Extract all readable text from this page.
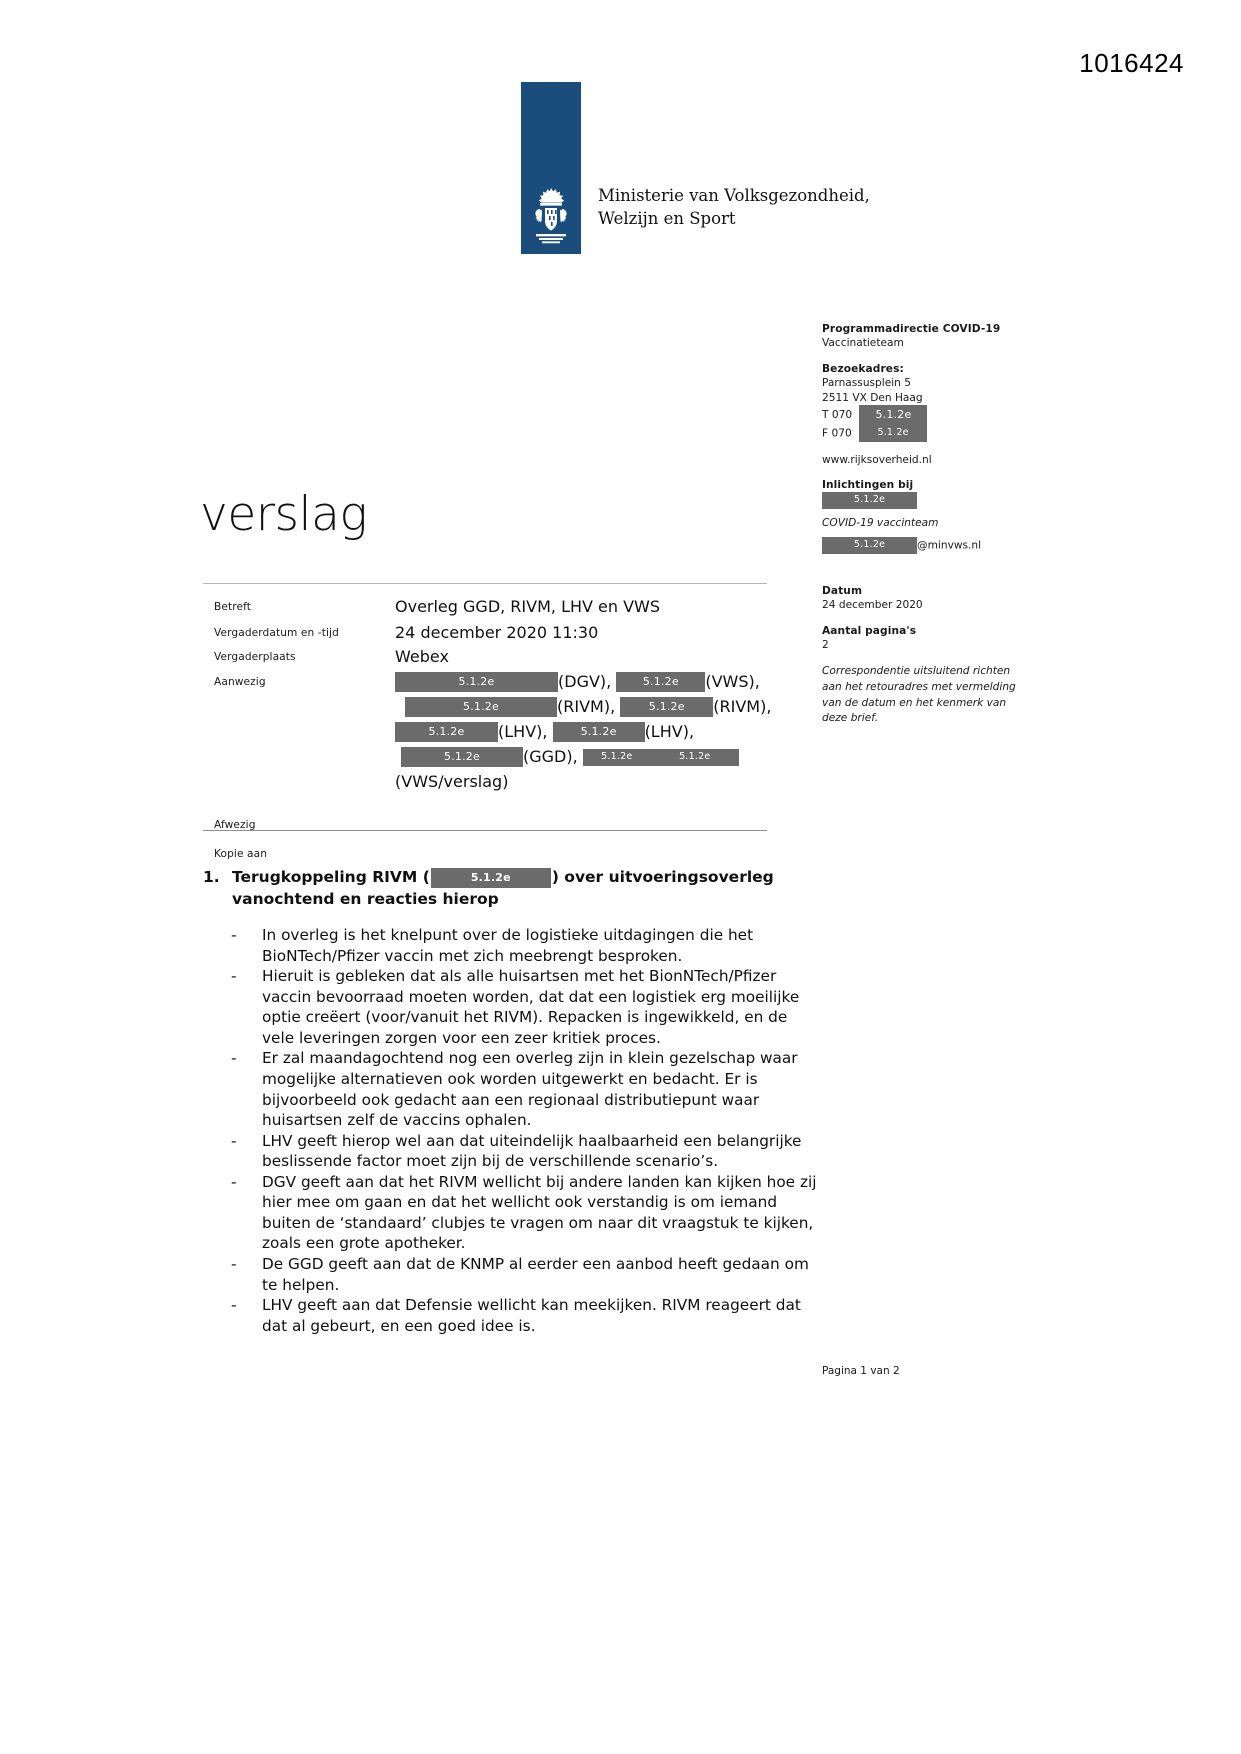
1016424
Ministerie van Volksgezondheid,
Welzijn en Sport
Programmadirectie COVID-19
Vaccinatieteam
Bezoekadres:
Parnassusplein 5
2511 VX Den Haag
T 070 5.1.2e
F 070	5.1.2e
www.rijksoverheid.nl
Inlichtingen bij
5.1.2e
COVID-19 vaccinteam
5.1.2e	@minvws.nl
Datum
24 december 2020
Aantal pagina's
2
Correspondentie uitsluitend richten aan het retouradres met vermelding van de datum en het kenmerk van deze brief.
verslag
Betreft	Overleg GGD, RIVM, LHV en VWS
Vergaderdatum en -tijd	24 december 2020 11:30
Vergaderplaats	Webex
Aanwezig	5.1.2e	(DGV),	5.1.2e (VWS),
5.1.2e	(RIVM),	5.1.2e (RIVM),
5.1.2e (LHV),	5.1.2e (LHV),
5.1.2e	(GGD), 5.1.2e	5.1.2e
(VWS/verslag)
Afwezig
Kopie aan
1. Terugkoppeling RIVM (	5.1.2e	) over uitvoeringsoverleg
vanochtend en reacties hierop
-	In overleg is het knelpunt over de logistieke uitdagingen die het BioNTech/Pfizer vaccin met zich meebrengt besproken.
-	Hieruit is gebleken dat als alle huisartsen met het BionNTech/Pfizer vaccin bevoorraad moeten worden, dat dat een logistiek erg moeilijke optie creëert (voor/vanuit het RIVM). Repacken is ingewikkeld, en de vele leveringen zorgen voor een zeer kritiek proces.
-	Er zal maandagochtend nog een overleg zijn in klein gezelschap waar mogelijke alternatieven ook worden uitgewerkt en bedacht. Er is bijvoorbeeld ook gedacht aan een regionaal distributiepunt waar huisartsen zelf de vaccins ophalen.
-	LHV geeft hierop wel aan dat uiteindelijk haalbaarheid een belangrijke beslissende factor moet zijn bij de verschillende scenario’s.
-	DGV geeft aan dat het RIVM wellicht bij andere landen kan kijken hoe zij hier mee om gaan en dat het wellicht ook verstandig is om iemand buiten de ‘standaard’ clubjes te vragen om naar dit vraagstuk te kijken, zoals een grote apotheker.
-	De GGD geeft aan dat de KNMP al eerder een aanbod heeft gedaan om te helpen.
-	LHV geeft aan dat Defensie wellicht kan meekijken. RIVM reageert dat dat al gebeurt, en een goed idee is.
Pagina 1 van 2
